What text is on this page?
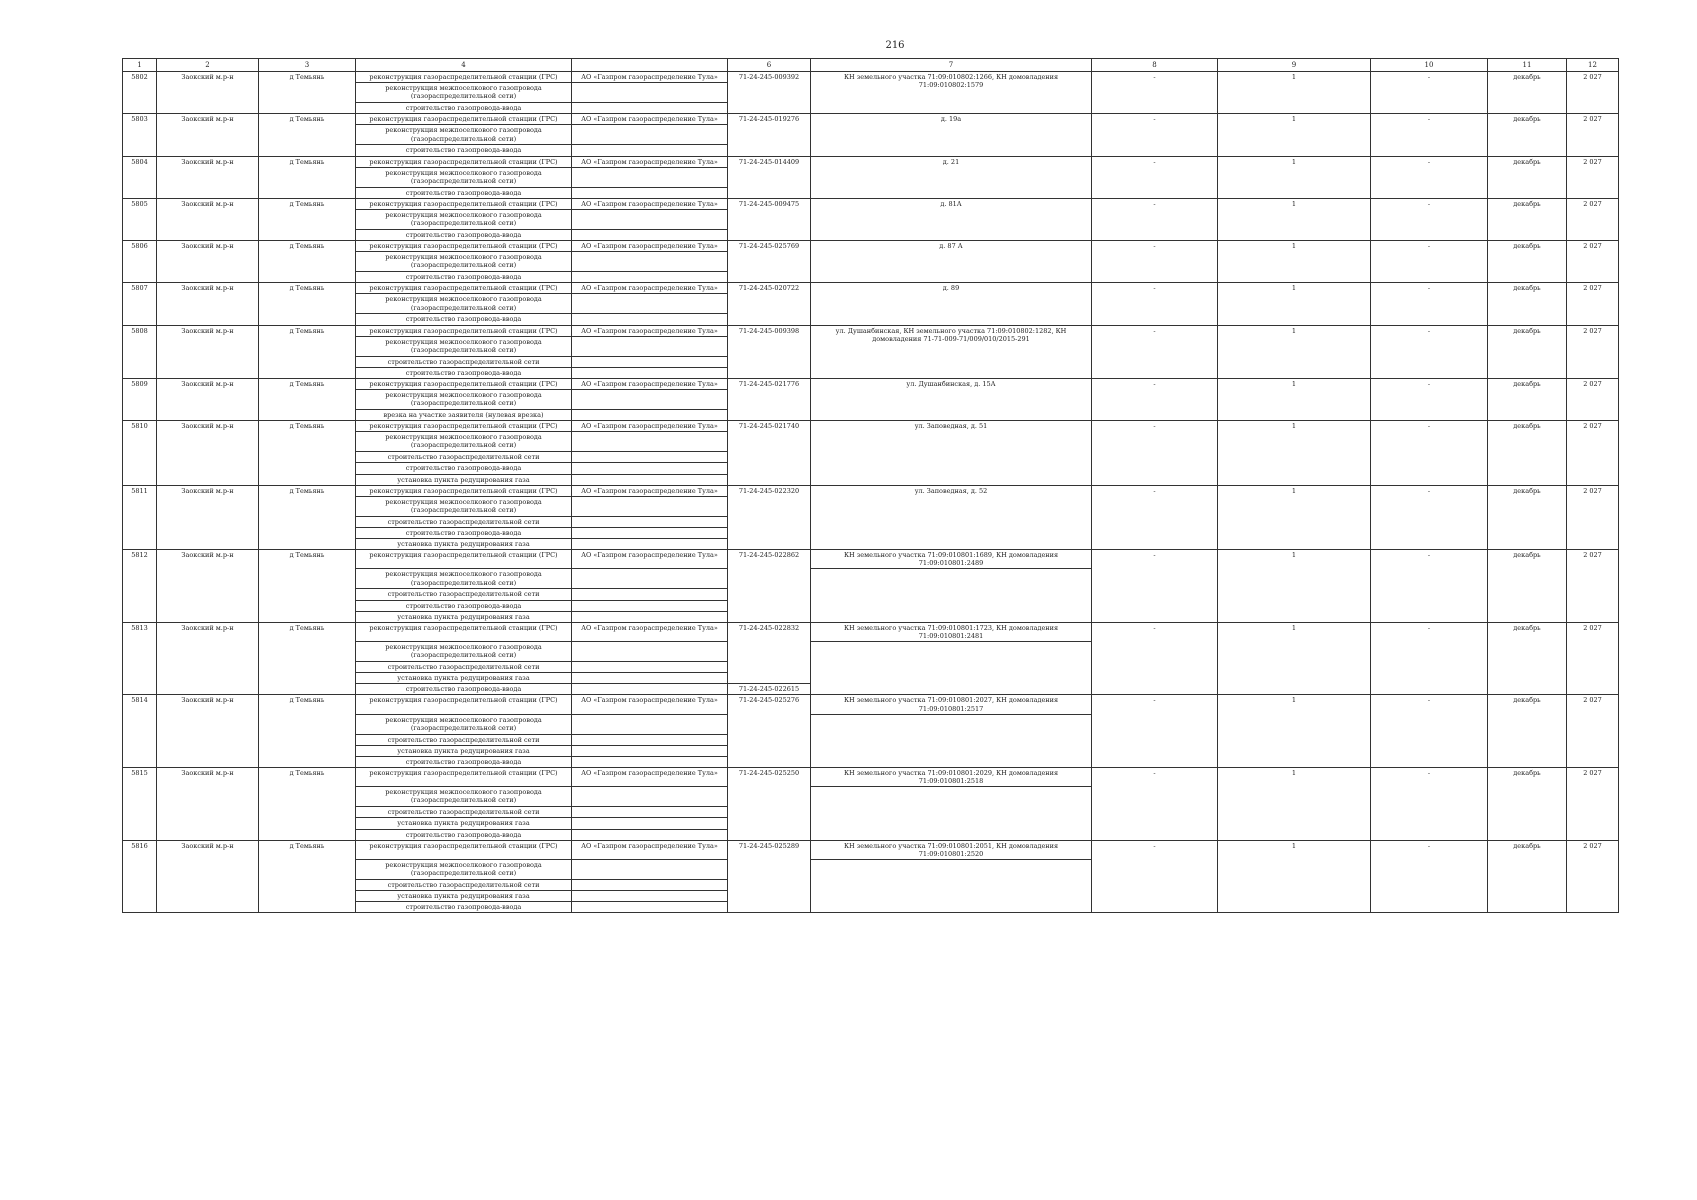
216
1	2	3	4		6	7	8	9	10	11	12
5802	Заокский м.р-н	д Темьянь	реконструкция газораспределительной станции (ГРС)	АО «Газпром газораспределение Тула»	71-24-245-009392	КН земельного участка 71:09:010802:1266, КН домовладения 71:09:010802:1579	-	1	-	декабрь	2 027
			реконструкция межпоселкового газопровода (газораспределительной сети)								
			строительство газопровода-ввода								
5803	Заокский м.р-н	д Темьянь	реконструкция газораспределительной станции (ГРС)	АО «Газпром газораспределение Тула»	71-24-245-019276	д. 19а	-	1	-	декабрь	2 027
			реконструкция межпоселкового газопровода (газораспределительной сети)								
			строительство газопровода-ввода								
5804	Заокский м.р-н	д Темьянь	реконструкция газораспределительной станции (ГРС)	АО «Газпром газораспределение Тула»	71-24-245-014409	д. 21	-	1	-	декабрь	2 027
			реконструкция межпоселкового газопровода (газораспределительной сети)								
			строительство газопровода-ввода								
5805	Заокский м.р-н	д Темьянь	реконструкция газораспределительной станции (ГРС)	АО «Газпром газораспределение Тула»	71-24-245-009475	д. 81А	-	1	-	декабрь	2 027
			реконструкция межпоселкового газопровода (газораспределительной сети)								
			строительство газопровода-ввода								
5806	Заокский м.р-н	д Темьянь	реконструкция газораспределительной станции (ГРС)	АО «Газпром газораспределение Тула»	71-24-245-025769	д. 87 А	-	1	-	декабрь	2 027
			реконструкция межпоселкового газопровода (газораспределительной сети)								
			строительство газопровода-ввода								
5807	Заокский м.р-н	д Темьянь	реконструкция газораспределительной станции (ГРС)	АО «Газпром газораспределение Тула»	71-24-245-020722	д. 89	-	1	-	декабрь	2 027
			реконструкция межпоселкового газопровода (газораспределительной сети)								
			строительство газопровода-ввода								
5808	Заокский м.р-н	д Темьянь	реконструкция газораспределительной станции (ГРС)	АО «Газпром газораспределение Тула»	71-24-245-009398	ул. Душанбинская, КН земельного участка 71:09:010802:1282, КН домовладения 71-71-009-71/009/010/2015-291	-	1	-	декабрь	2 027
			реконструкция межпоселкового газопровода (газораспределительной сети)								
			строительство газораспределительной сети								
			строительство газопровода-ввода								
5809	Заокский м.р-н	д Темьянь	реконструкция газораспределительной станции (ГРС)	АО «Газпром газораспределение Тула»	71-24-245-021776	ул. Душанбинская, д. 15А	-	1	-	декабрь	2 027
			реконструкция межпоселкового газопровода (газораспределительной сети)								
			врезка на участке заявителя (нулевая врезка)								
5810	Заокский м.р-н	д Темьянь	реконструкция газораспределительной станции (ГРС)	АО «Газпром газораспределение Тула»	71-24-245-021740	ул. Заповедная, д. 51	-	1	-	декабрь	2 027
			реконструкция межпоселкового газопровода (газораспределительной сети)								
			строительство газораспределительной сети								
			строительство газопровода-ввода								
			установка пункта редуцирования газа								
5811	Заокский м.р-н	д Темьянь	реконструкция газораспределительной станции (ГРС)	АО «Газпром газораспределение Тула»	71-24-245-022320	ул. Заповедная, д. 52	-	1	-	декабрь	2 027
			реконструкция межпоселкового газопровода (газораспределительной сети)								
			строительство газораспределительной сети								
			строительство газопровода-ввода								
			установка пункта редуцирования газа								
5812	Заокский м.р-н	д Темьянь	реконструкция газораспределительной станции (ГРС)	АО «Газпром газораспределение Тула»	71-24-245-022862	КН земельного участка 71:09:010801:1689, КН домовладения 71:09:010801:2489	-	1	-	декабрь	2 027
			реконструкция межпоселкового газопровода (газораспределительной сети)								
			строительство газораспределительной сети								
			строительство газопровода-ввода								
			установка пункта редуцирования газа								
5813	Заокский м.р-н	д Темьянь	реконструкция газораспределительной станции (ГРС)	АО «Газпром газораспределение Тула»	71-24-245-022832	КН земельного участка 71:09:010801:1723, КН домовладения 71:09:010801:2481	-	1	-	декабрь	2 027
			реконструкция межпоселкового газопровода (газораспределительной сети)								
			строительство газораспределительной сети								
			установка пункта редуцирования газа								
			строительство газопровода-ввода		71-24-245-022615						
5814	Заокский м.р-н	д Темьянь	реконструкция газораспределительной станции (ГРС)	АО «Газпром газораспределение Тула»	71-24-245-025276	КН земельного участка 71:09:010801:2027, КН домовладения 71:09:010801:2517	-	1	-	декабрь	2 027
			реконструкция межпоселкового газопровода (газораспределительной сети)								
			строительство газораспределительной сети								
			установка пункта редуцирования газа								
			строительство газопровода-ввода								
5815	Заокский м.р-н	д Темьянь	реконструкция газораспределительной станции (ГРС)	АО «Газпром газораспределение Тула»	71-24-245-025250	КН земельного участка 71:09:010801:2029, КН домовладения 71:09:010801:2518	-	1	-	декабрь	2 027
			реконструкция межпоселкового газопровода (газораспределительной сети)								
			строительство газораспределительной сети								
			установка пункта редуцирования газа								
			строительство газопровода-ввода								
5816	Заокский м.р-н	д Темьянь	реконструкция газораспределительной станции (ГРС)	АО «Газпром газораспределение Тула»	71-24-245-025289	КН земельного участка 71:09:010801:2051, КН домовладения 71:09:010801:2520	-	1	-	декабрь	2 027
			реконструкция межпоселкового газопровода (газораспределительной сети)								
			строительство газораспределительной сети								
			установка пункта редуцирования газа								
			строительство газопровода-ввода								
